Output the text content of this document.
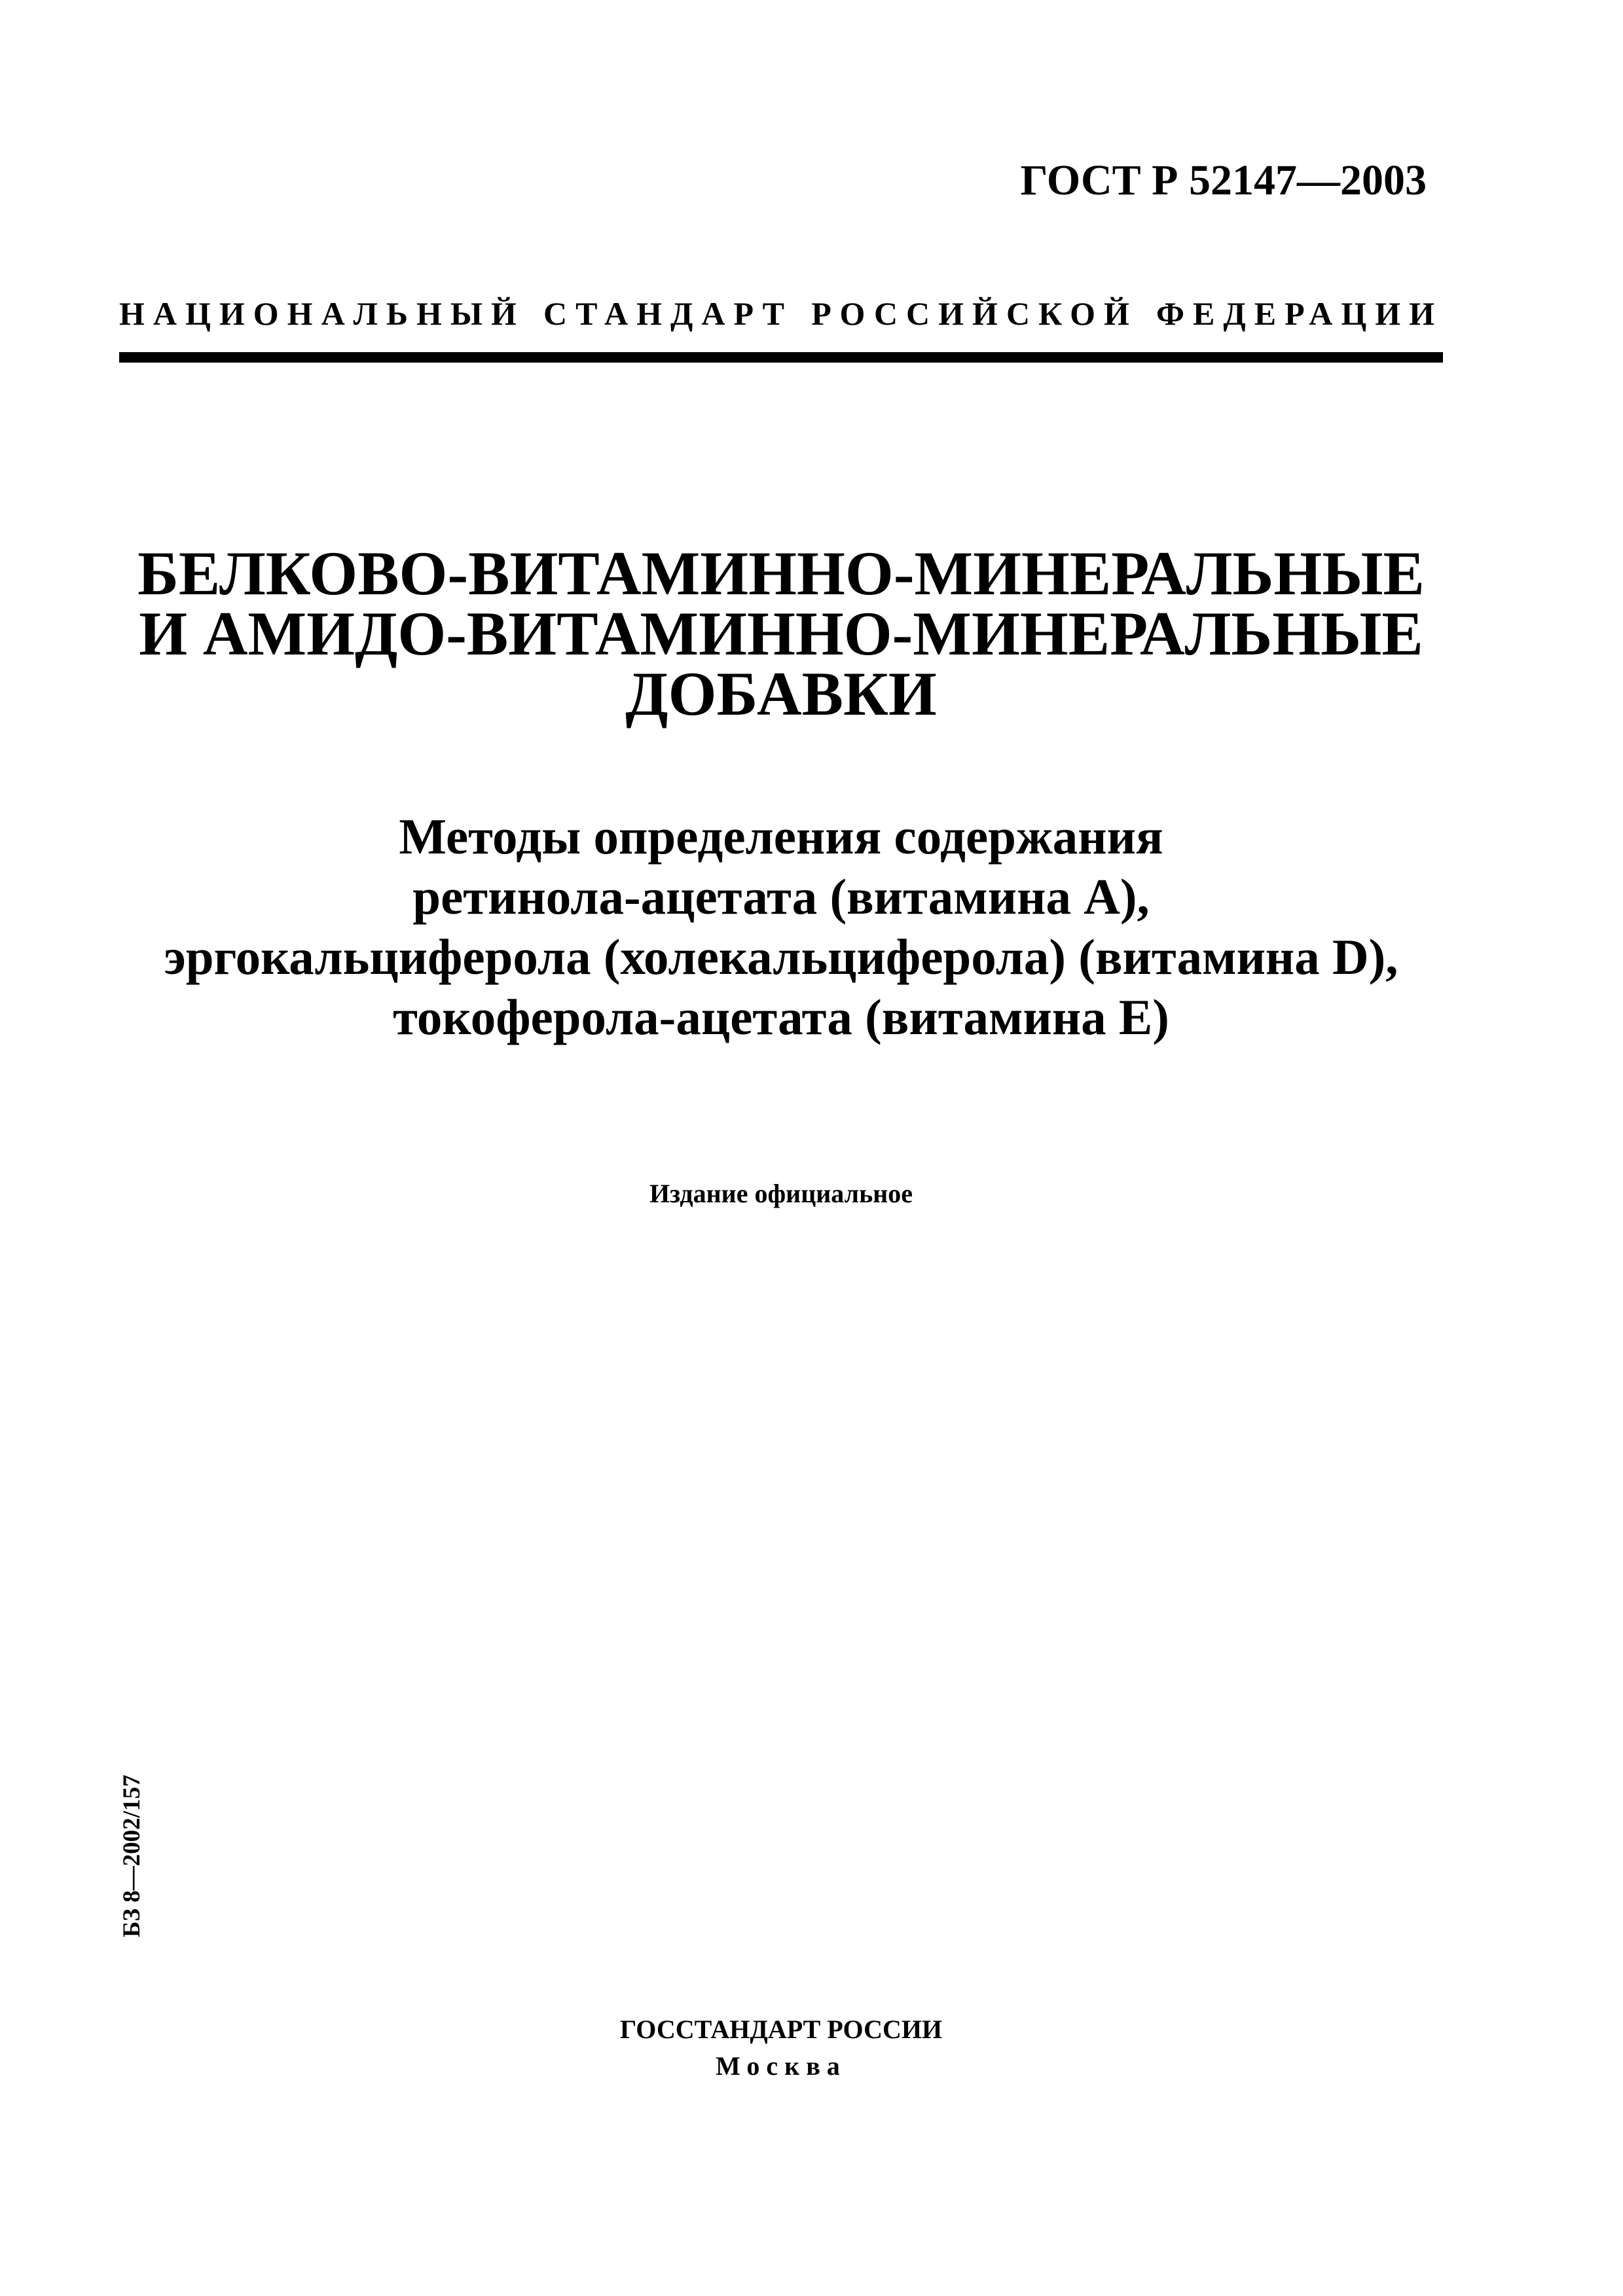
ГОСТ Р 52147—2003
НАЦИОНАЛЬНЫЙ СТАНДАРТ РОССИЙСКОЙ ФЕДЕРАЦИИ
БЕЛКОВО-ВИТАМИННО-МИНЕРАЛЬНЫЕ
И АМИДО-ВИТАМИННО-МИНЕРАЛЬНЫЕ
ДОБАВКИ
Методы определения содержания
ретинола-ацетата (витамина А),
эргокальциферола (холекальциферола) (витамина D),
токоферола-ацетата (витамина Е)
Издание официальное
БЗ 8—2002/157
ГОССТАНДАРТ РОССИИ
Москва
